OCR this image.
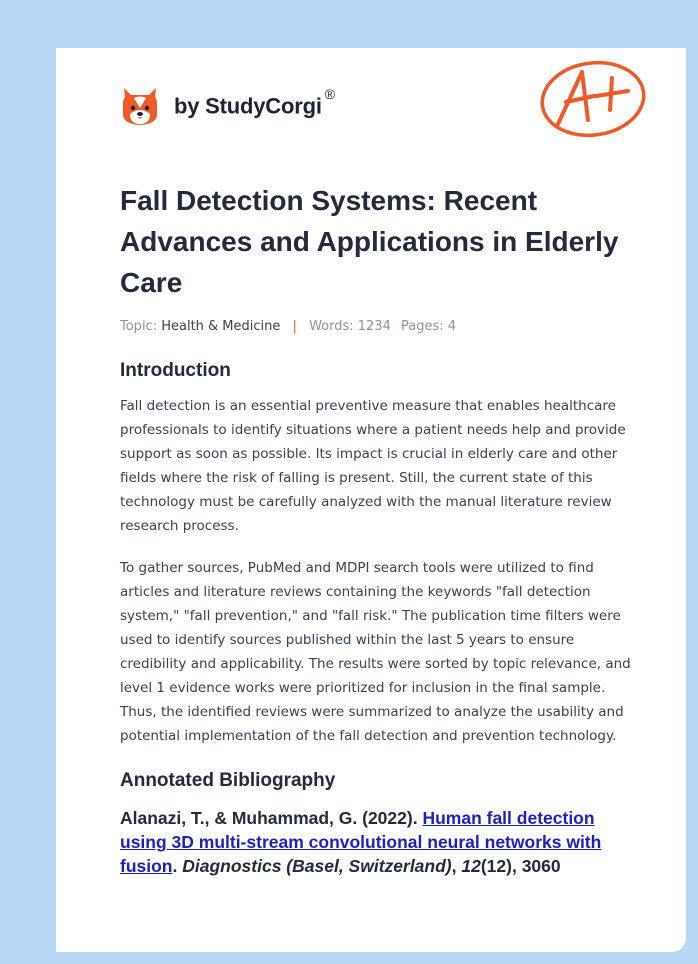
by StudyCorgi ®
Fall Detection Systems: Recent Advances and Applications in Elderly Care
Topic: Health & Medicine | Words: 1234 Pages: 4
Introduction

Fall detection is an essential preventive measure that enables healthcare professionals to identify situations where a patient needs help and provide support as soon as possible. Its impact is crucial in elderly care and other fields where the risk of falling is present. Still, the current state of this technology must be carefully analyzed with the manual literature review research process.

To gather sources, PubMed and MDPI search tools were utilized to find articles and literature reviews containing the keywords "fall detection system," "fall prevention," and "fall risk." The publication time filters were used to identify sources published within the last 5 years to ensure credibility and applicability. The results were sorted by topic relevance, and level 1 evidence works were prioritized for inclusion in the final sample. Thus, the identified reviews were summarized to analyze the usability and potential implementation of the fall detection and prevention technology.

Annotated Bibliography
Alanazi, T., & Muhammad, G. (2022). Human fall detection using 3D multi-stream convolutional neural networks with fusion. Diagnostics (Basel, Switzerland), 12(12), 3060
